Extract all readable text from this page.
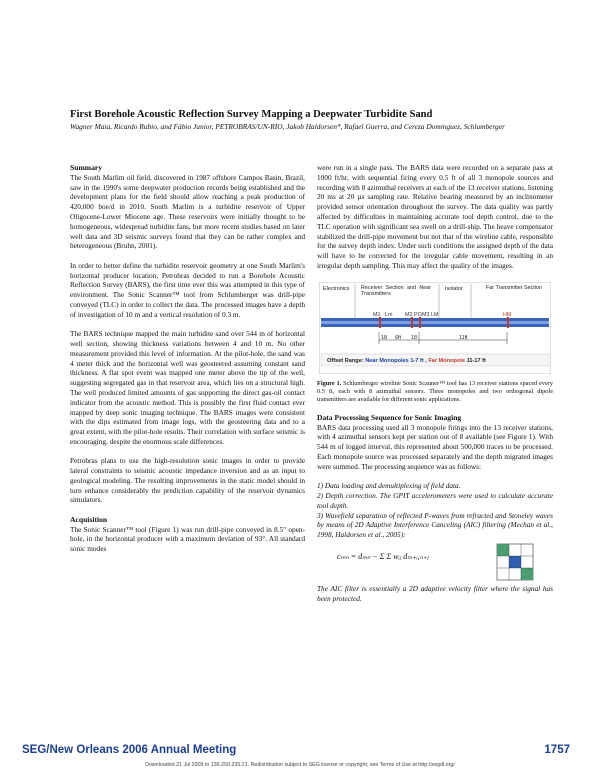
First Borehole Acoustic Reflection Survey Mapping a Deepwater Turbidite Sand
Wagner Maia, Ricardo Rubio, and Fábio Junior, PETROBRAS/UN-RIO, Jakob Haldorsen*, Rafael Guerra, and Cereza Dominguez, Schlumberger
Summary

The South Marlim oil field, discovered in 1987 offshore Campos Basin, Brazil, saw in the 1990's some deepwater production records being established and the development plans for the field should allow reaching a peak production of 420,000 boe/d in 2010. South Marlim is a turbidite reservoir of Upper Oligocene-Lower Miocene age. These reservoirs were initially thought to be homogeneous, widespread turbidite fans, but more recent studies based on later well data and 3D seismic surveys found that they can be rather complex and heterogeneous (Bruhn, 2001).

In order to better define the turbidite reservoir geometry at one South Marlim's horizontal producer location, Petrobras decided to run a Borehole Acoustic Reflection Survey (BARS), the first time ever this was attempted in this type of environment. The Sonic Scanner™ tool from Schlumberger was drill-pipe conveyed (TLC) in order to collect the data. The processed images have a depth of investigation of 10 m and a vertical resolution of 0.3 m.

The BARS technique mapped the main turbidite sand over 544 m of horizontal well section, showing thickness variations between 4 and 10 m. No other measurement provided this level of information. At the pilot-hole, the sand was 4 meter thick and the horizontal well was geosteered assuming constant sand thickness. A flat spot event was mapped one meter above the tip of the well, suggesting segregated gas in that reservoir area, which lies on a structural high. The well produced limited amounts of gas supporting the direct gas-oil contact indicator from the acoustic method. This is possibly the first fluid contact ever mapped by deep sonic imaging technique. The BARS images were consistent with the dips estimated from image logs, with the geosteering data and to a great extent, with the pilot-hole results. Their correlation with surface seismic is encouraging, despite the enormous scale differences.

Petrobras plans to use the high-resolution sonic images in order to provide lateral constraints to seismic acoustic impedance inversion and as an input to geological modeling. The resulting improvements in the static model should in turn enhance considerably the prediction capability of the reservoir dynamics simulators.

Acquisition

The Sonic Scanner™ tool (Figure 1) was run drill-pipe conveyed in 8.5" open-hole, in the horizontal producer with a maximum deviation of 93°. All standard sonic modes

were run in a single pass. The BARS data were recorded on a separate pass at 1000 ft/hr, with sequential firing every 0.5 ft of all 3 monopole sources and recording with 8 azimuthal receivers at each of the 13 receiver stations, listening 20 ms at 20 µs sampling rate. Relative bearing measured by an inclinometer provided sensor orientation throughout the survey. The data quality was partly affected by difficulties in maintaining accurate tool depth control, due to the TLC operation with significant sea swell on a drill-ship. The heave compensator stabilized the drill-pipe movement but not that of the wireline cable, responsible for the survey depth index. Under such conditions the assigned depth of the data will have to be corrected for the irregular cable movement, resulting in an irregular depth sampling. This may affect the quality of the images.

Electronics Receiver Section and Near Transmitters
Isolator	Far Transmitter Section
M1 Lm M2 PO M3 LM	HM
18 6ft 18	11ft
Offset Range: Near Monopoles 1-7 ft , Far Monopole 11-17 ft
Figure 1. Schlumberger wireline Sonic Scanner™ tool has 13 receiver stations spaced every 0.5 ft, each with 8 azimuthal sensors. Three monopoles and two orthogonal dipole transmitters are available for different sonic applications.
Data Processing Sequence for Sonic Imaging

BARS data processing used all 3 monopole firings into the 13 receiver stations, with 4 azimuthal sensors kept per station out of 8 available (see Figure 1). With 544 m of logged interval, this represented about 500,000 traces to be processed. Each monopole source was processed separately and the depth migrated images were summed. The processing sequence was as follows:

1) Data loading and demultiplexing of field data.

2) Depth correction. The GPIT accelerometers were used to calculate accurate tool depth.

3) Wavefield separation of reflected P-waves from refracted and Stoneley waves by means of 2D Adaptive Interference Canceling (AIC) filtering (Mechan et al., 1998, Haldorsen et al., 2005):

cₘₙ = dₘₙ − Σ Σ wᵢⱼ dₘ₊ᵢ,ₙ₊ⱼ

The AIC filter is essentially a 2D adaptive velocity filter where the signal has been protected.

SEG/New Orleans 2006 Annual Meeting	1757
Downloaded 21 Jul 2009 to 136.250.235.21. Redistribution subject to SEG license or copyright; see Terms of Use at http://segdl.org/
